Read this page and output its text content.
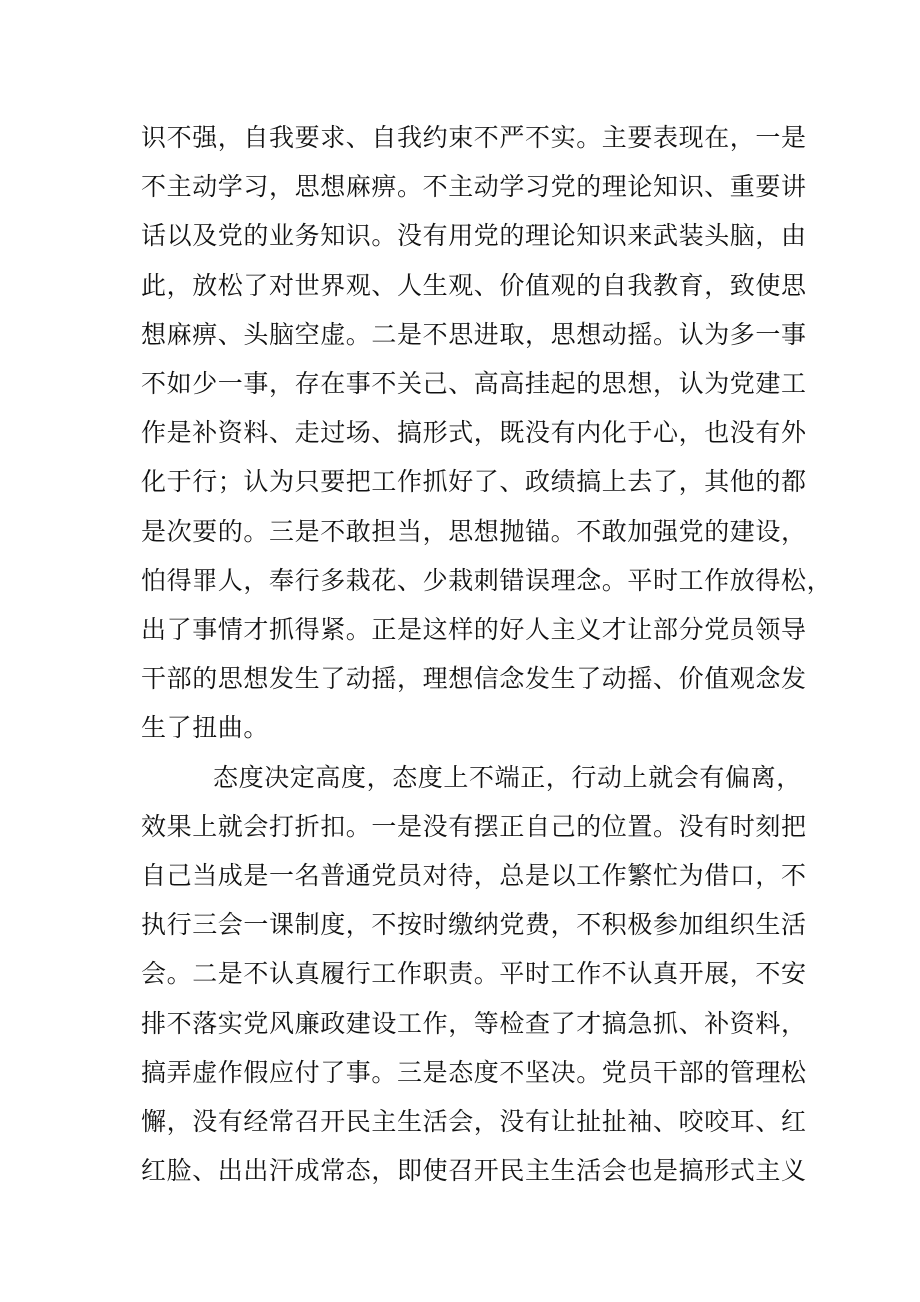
识不强，自我要求、自我约束不严不实。主要表现在，一是
不主动学习，思想麻痹。不主动学习党的理论知识、重要讲
话以及党的业务知识。没有用党的理论知识来武装头脑，由
此，放松了对世界观、人生观、价值观的自我教育，致使思
想麻痹、头脑空虚。二是不思进取，思想动摇。认为多一事
不如少一事，存在事不关己、高高挂起的思想，认为党建工
作是补资料、走过场、搞形式，既没有内化于心，也没有外
化于行；认为只要把工作抓好了、政绩搞上去了，其他的都
是次要的。三是不敢担当，思想抛锚。不敢加强党的建设，
怕得罪人，奉行多栽花、少栽刺错误理念。平时工作放得松，
出了事情才抓得紧。正是这样的好人主义才让部分党员领导
干部的思想发生了动摇，理想信念发生了动摇、价值观念发
生了扭曲。
态度决定高度，态度上不端正，行动上就会有偏离，
效果上就会打折扣。一是没有摆正自己的位置。没有时刻把
自己当成是一名普通党员对待，总是以工作繁忙为借口，不
执行三会一课制度，不按时缴纳党费，不积极参加组织生活
会。二是不认真履行工作职责。平时工作不认真开展，不安
排不落实党风廉政建设工作，等检查了才搞急抓、补资料，
搞弄虚作假应付了事。三是态度不坚决。党员干部的管理松
懈，没有经常召开民主生活会，没有让扯扯袖、咬咬耳、红
红脸、出出汗成常态，即使召开民主生活会也是搞形式主义
